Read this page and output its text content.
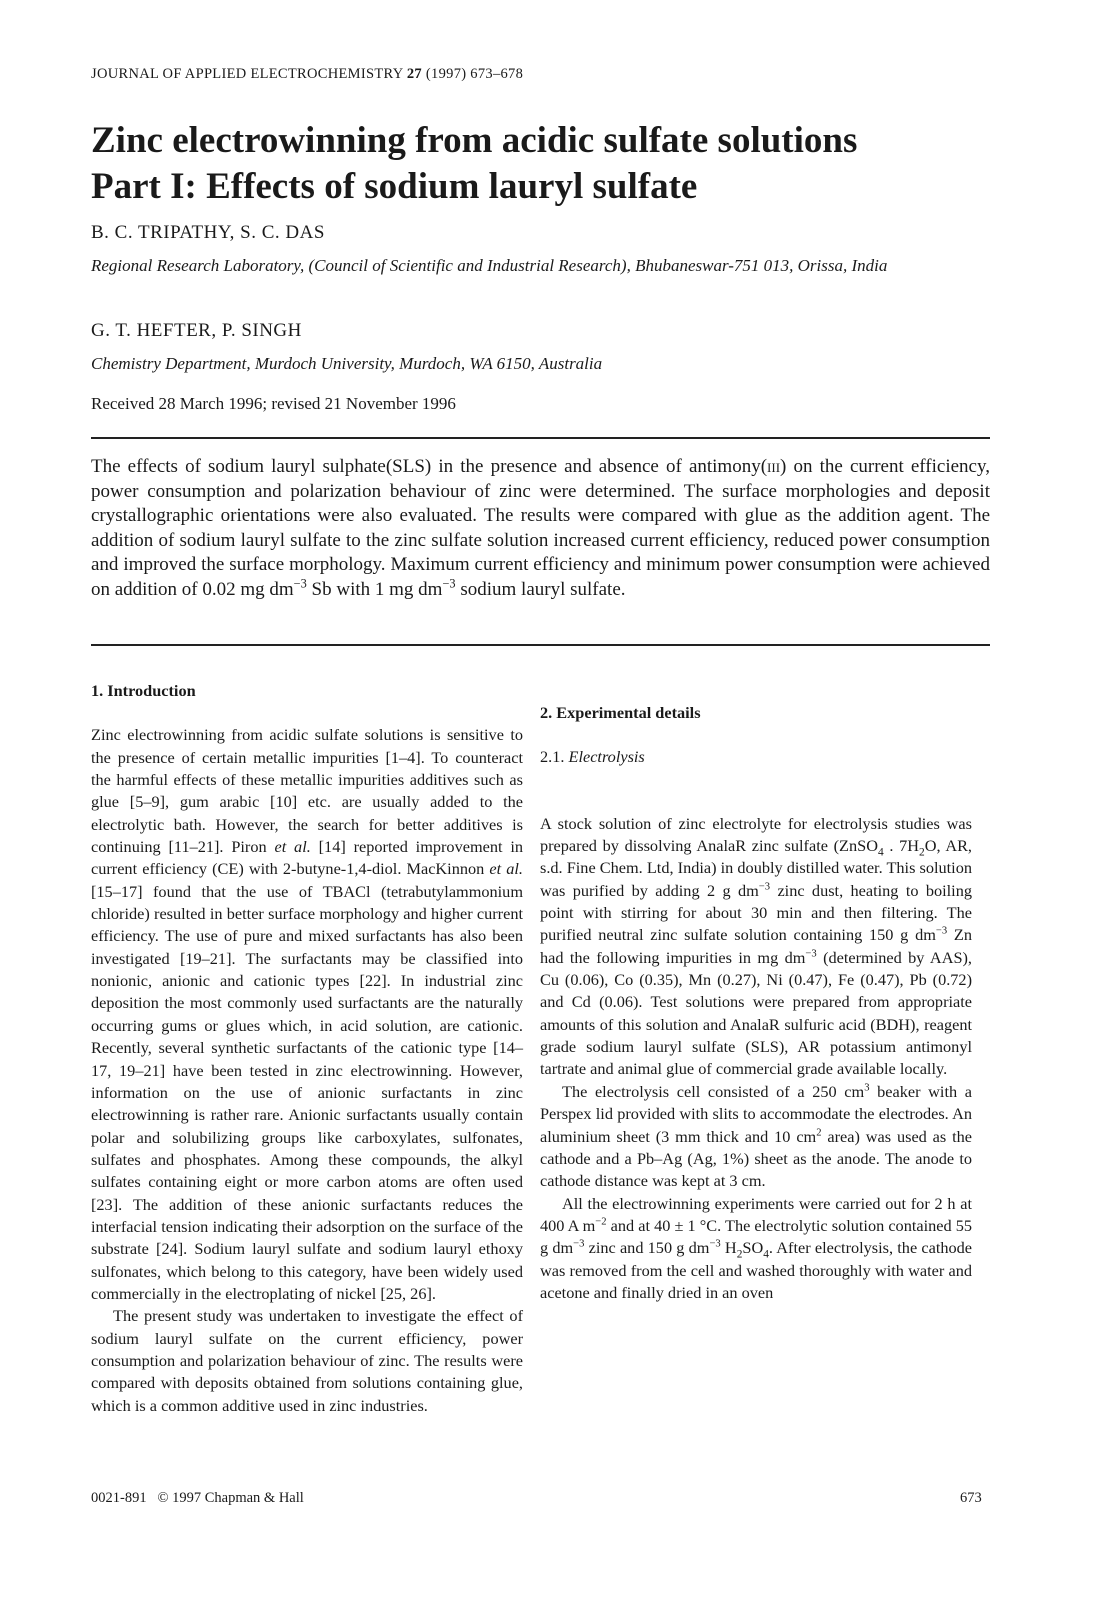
JOURNAL OF APPLIED ELECTROCHEMISTRY 27 (1997) 673–678
Zinc electrowinning from acidic sulfate solutions
Part I: Effects of sodium lauryl sulfate
B. C. TRIPATHY, S. C. DAS
Regional Research Laboratory, (Council of Scientific and Industrial Research), Bhubaneswar-751 013, Orissa, India
G. T. HEFTER, P. SINGH
Chemistry Department, Murdoch University, Murdoch, WA 6150, Australia
Received 28 March 1996; revised 21 November 1996

The effects of sodium lauryl sulphate(SLS) in the presence and absence of antimony(iii) on the current efficiency, power consumption and polarization behaviour of zinc were determined. The surface morphologies and deposit crystallographic orientations were also evaluated. The results were compared with glue as the addition agent. The addition of sodium lauryl sulfate to the zinc sulfate solution increased current efficiency, reduced power consumption and improved the surface morphology. Maximum current efficiency and minimum power consumption were achieved on addition of 0.02 mg $dm^{-3}$ Sb with 1 mg $dm^{-3}$ sodium lauryl sulfate.

1. Introduction

Zinc electrowinning from acidic sulfate solutions is sensitive to the presence of certain metallic impurities [1–4]. To counteract the harmful effects of these metallic impurities additives such as glue [5–9], gum arabic [10] etc. are usually added to the electrolytic bath. However, the search for better additives is continuing [11–21]. Piron et al. [14] reported improvement in current efficiency (CE) with 2-butyne-1,4-diol. MacKinnon et al. [15–17] found that the use of TBACl (tetrabutylammonium chloride) resulted in better surface morphology and higher current efficiency. The use of pure and mixed surfactants has also been investigated [19–21]. The surfactants may be classified into nonionic, anionic and cationic types [22]. In industrial zinc deposition the most commonly used surfactants are the naturally occurring gums or glues which, in acid solution, are cationic. Recently, several synthetic surfactants of the cationic type [14–17, 19–21] have been tested in zinc electrowinning. However, information on the use of anionic surfactants in zinc electrowinning is rather rare. Anionic surfactants usually contain polar and solubilizing groups like carboxylates, sulfonates, sulfates and phosphates. Among these compounds, the alkyl sulfates containing eight or more carbon atoms are often used [23]. The addition of these anionic surfactants reduces the interfacial tension indicating their adsorption on the surface of the substrate [24]. Sodium lauryl sulfate and sodium lauryl ethoxy sulfonates, which belong to this category, have been widely used commercially in the electroplating of nickel [25, 26].

The present study was undertaken to investigate the effect of sodium lauryl sulfate on the current efficiency, power consumption and polarization behaviour of zinc. The results were compared with deposits obtained from solutions containing glue, which is a common additive used in zinc industries.

2. Experimental details
2.1. Electrolysis

A stock solution of zinc electrolyte for electrolysis studies was prepared by dissolving AnalaR zinc sulfate (ZnSO$_4$ . $7H_2O$, AR, s.d. Fine Chem. Ltd, India) in doubly distilled water. This solution was purified by adding 2 g $dm^{-3}$ zinc dust, heating to boiling point with stirring for about 30 min and then filtering. The purified neutral zinc sulfate solution containing 150 g $dm^{-3}$ Zn had the following impurities in mg $dm^{-3}$ (determined by AAS), Cu (0.06), Co (0.35), Mn (0.27), Ni (0.47), Fe (0.47), Pb (0.72) and Cd (0.06). Test solutions were prepared from appropriate amounts of this solution and AnalaR sulfuric acid (BDH), reagent grade sodium lauryl sulfate (SLS), AR potassium antimonyl tartrate and animal glue of commercial grade available locally.

The electrolysis cell consisted of a 250 $cm^3$ beaker with a Perspex lid provided with slits to accommodate the electrodes. An aluminium sheet (3 mm thick and 10 $cm^2$ area) was used as the cathode and a Pb–Ag (Ag, 1%) sheet as the anode. The anode to cathode distance was kept at 3 cm.

All the electrowinning experiments were carried out for 2 h at 400 A $m^{-2}$ and at 40 ± 1 °C. The electrolytic solution contained 55 g $dm^{-3}$ zinc and 150 g $dm^{-3}$ $H_2SO_4$. After electrolysis, the cathode was removed from the cell and washed thoroughly with water and acetone and finally dried in an oven

0021-891 © 1997 Chapman & Hall	673
